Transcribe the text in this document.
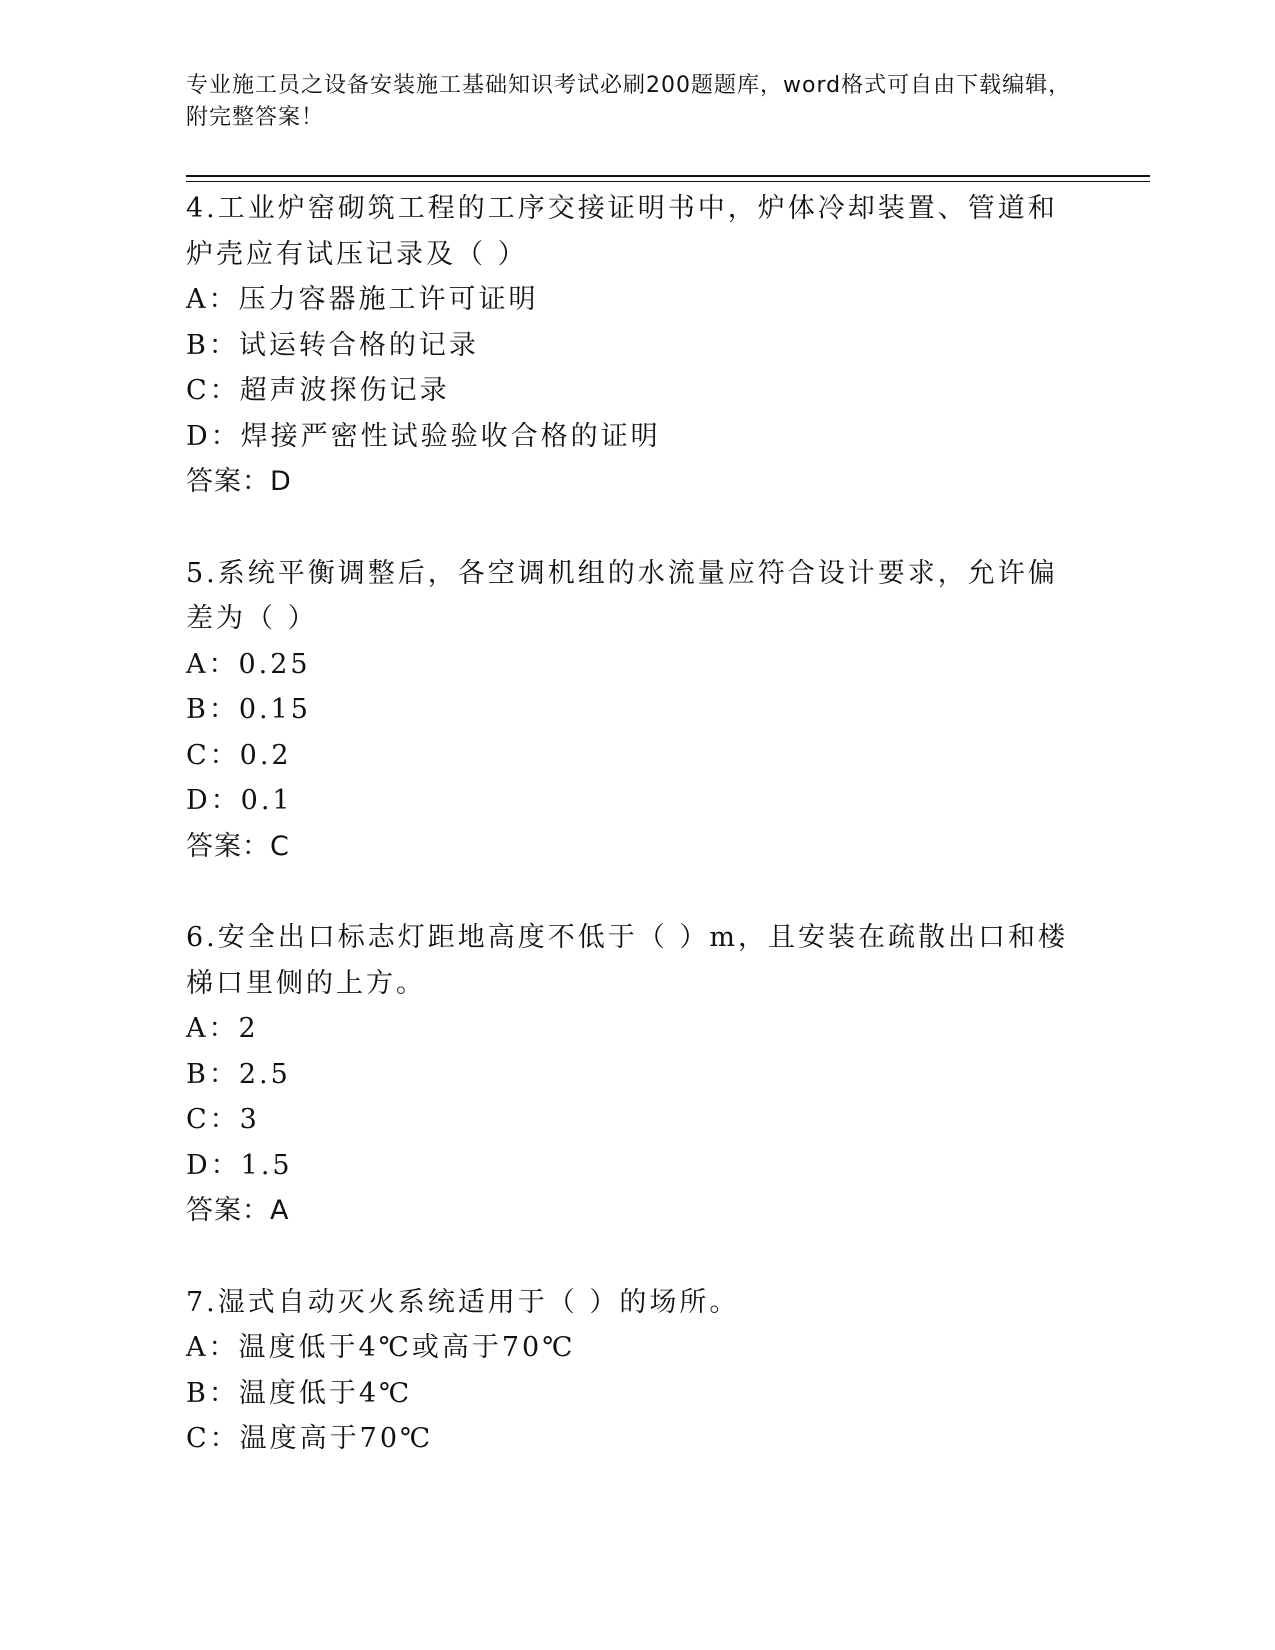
专业施工员之设备安装施工基础知识考试必刷200题题库，word格式可自由下载编辑，附完整答案！
4.工业炉窑砌筑工程的工序交接证明书中，炉体冷却装置、管道和炉壳应有试压记录及（ ）
A：压力容器施工许可证明
B：试运转合格的记录
C：超声波探伤记录
D：焊接严密性试验验收合格的证明
答案：D
5.系统平衡调整后，各空调机组的水流量应符合设计要求，允许偏差为（ ）
A：0.25
B：0.15
C：0.2
D：0.1
答案：C
6.安全出口标志灯距地高度不低于（ ）m，且安装在疏散出口和楼梯口里侧的上方。
A：2
B：2.5
C：3
D：1.5
答案：A
7.湿式自动灭火系统适用于（ ）的场所。
A：温度低于4℃或高于70℃
B：温度低于4℃
C：温度高于70℃
